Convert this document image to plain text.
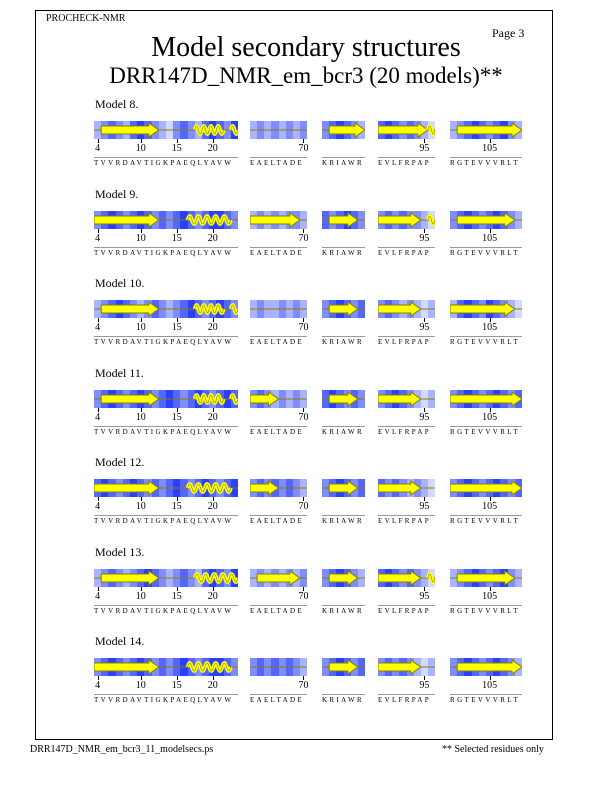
PROCHECK-NMR
Page 3
Model secondary structures
DRR147D_NMR_em_bcr3 (20 models)**
Model 8.
4	10	15	20
TVVRDAVTIGKPAEQLYAVW
70
EAELTADE	KRIAWR
95
EVLFRPAP
105
RGTEVVVRLT
Model 9.
4	10	15	20
TVVRDAVTIGKPAEQLYAVW
70
EAELTADE	KRIAWR
95
EVLFRPAP
105
RGTEVVVRLT
Model 10.
4	10	15	20
TVVRDAVTIGKPAEQLYAVW
70
EAELTADE	KRIAWR
95
EVLFRPAP
105
RGTEVVVRLT
Model 11.
4	10	15	20
TVVRDAVTIGKPAEQLYAVW
70
EAELTADE	KRIAWR
95
EVLFRPAP
105
RGTEVVVRLT
Model 12.
4	10	15	20
TVVRDAVTIGKPAEQLYAVW
70
EAELTADE	KRIAWR
95
EVLFRPAP
105
RGTEVVVRLT
Model 13.
4	10	15	20
TVVRDAVTIGKPAEQLYAVW
70
EAELTADE	KRIAWR
95
EVLFRPAP
105
RGTEVVVRLT
Model 14.
4	10	15	20
TVVRDAVTIGKPAEQLYAVW
70
EAELTADE	KRIAWR
95
EVLFRPAP
105
RGTEVVVRLT
DRR147D_NMR_em_bcr3_11_modelsecs.ps	** Selected residues only
